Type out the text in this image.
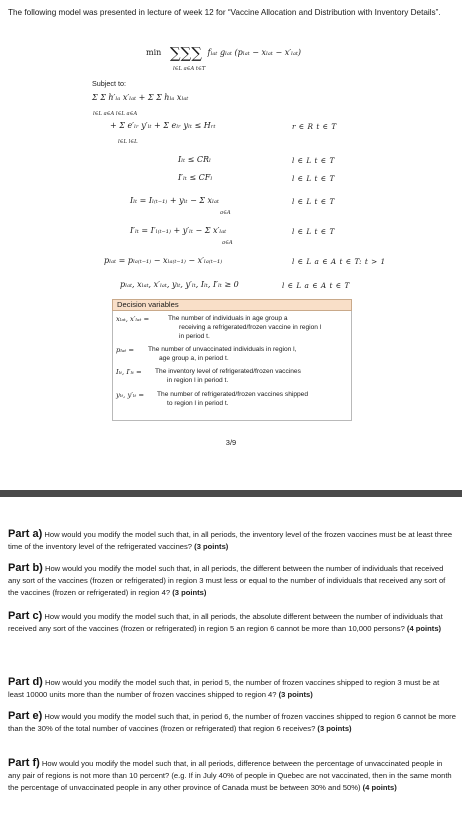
The following model was presented in lecture of week 12 for “Vaccine Allocation and Distribution with Inventory Details”.
min ∑∑∑ fₗₐₜ gₗₐₜ (pₗₐₜ − xₗₐₜ − x′ₗₐₜ)
l∈L a∈A t∈T
Subject to:
Σ Σ h′ₗₐ x′ₗₐₜ + Σ Σ hₗₐ xₗₐₜ
l∈L a∈A l∈L a∈A
+ Σ e′ₗᵣ y′ₗₜ + Σ eₗᵣ yₗₜ ≤ Hᵣₜ
l∈L l∈L
r ∈ R t ∈ T
Iₗₜ ≤ CRₗ	l ∈ L t ∈ T
I′ₗₜ ≤ CFₗ	l ∈ L t ∈ T
Iₗₜ = Iₗ₍ₜ₋₁₎ + yₗₜ − Σ xₗₐₜ
a∈A
l ∈ L t ∈ T
I′ₗₜ = I′ₗ₍ₜ₋₁₎ + y′ₗₜ − Σ x′ₗₐₜ
a∈A
l ∈ L t ∈ T
pₗₐₜ = pₗₐ₍ₜ₋₁₎ − xₗₐ₍ₜ₋₁₎ − x′ₗₐ₍ₜ₋₁₎	l ∈ L a ∈ A t ∈ T: t > 1
pₗₐₜ, xₗₐₜ, x′ₗₐₜ, yₗₜ, y′ₗₜ, Iₗₜ, I′ₗₜ ≥ 0	l ∈ L a ∈ A t ∈ T
Decision variables
xₗₐₜ, x′ₗₐₜ =	The number of individuals in age group a
receiving a refrigerated/frozen vaccine in region l
in period t.
pₗₐₜ = The number of unvaccinated individuals in region l,
age group a, in period t.
Iₗₜ, I′ₗₜ = The inventory level of refrigerated/frozen vaccines
in region l in period t.
yₗₜ, y′ₗₜ = The number of refrigerated/frozen vaccines shipped
to region l in period t.
3/9
Part a) How would you modify the model such that, in all periods, the inventory level of the frozen vaccines must be at least three time of the inventory level of the refrigerated vaccines? (3 points)
Part b) How would you modify the model such that, in all periods, the different between the number of individuals that received any sort of the vaccines (frozen or refrigerated) in region 3 must less or equal to the number of individuals that received any sort of the vaccines (frozen or refrigerated) in region 4? (3 points)
Part c) How would you modify the model such that, in all periods, the absolute different between the number of individuals that received any sort of the vaccines (frozen or refrigerated) in region 5 an region 6 cannot be more than 10,000 persons? (4 points)
Part d) How would you modify the model such that, in period 5, the number of frozen vaccines shipped to region 3 must be at least 10000 units more than the number of frozen vaccines shipped to region 4? (3 points)
Part e) How would you modify the model such that, in period 6, the number of frozen vaccines shipped to region 6 cannot be more than the 30% of the total number of vaccines (frozen or refrigerated) that region 6 receives? (3 points)
Part f) How would you modify the model such that, in all periods, difference between the percentage of unvaccinated people in any pair of regions is not more than 10 percent? (e.g. If in July 40% of people in Quebec are not vaccinated, then in the same month the percentage of unvaccinated people in any other province of Canada must be between 30% and 50%) (4 points)
